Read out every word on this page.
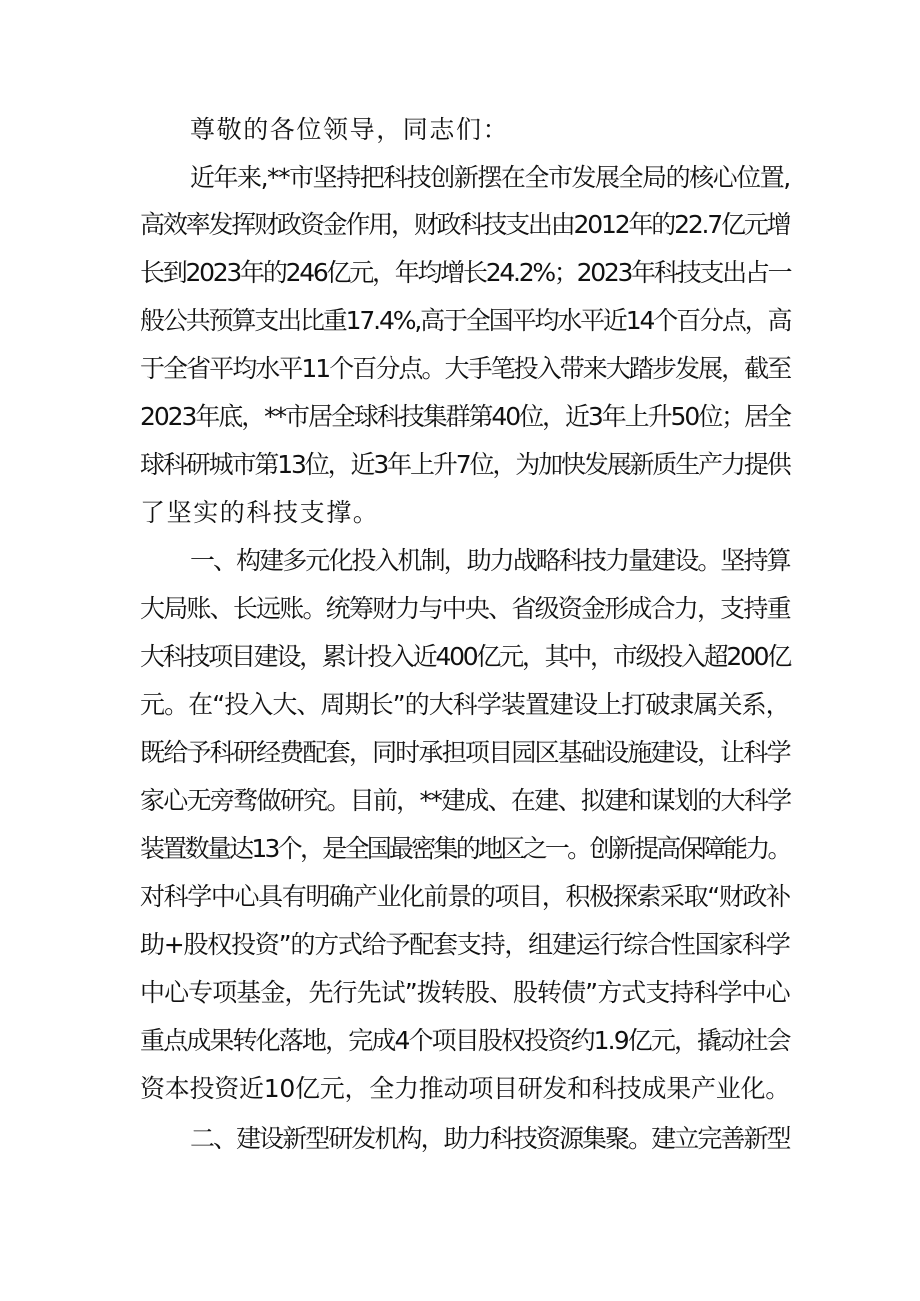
尊敬的各位领导，同志们：
近年来,**市坚持把科技创新摆在全市发展全局的核心位置,
高效率发挥财政资金作用，财政科技支出由2012年的22.7亿元增
长到2023年的246亿元，年均增长24.2%；2023年科技支出占一
般公共预算支出比重17.4%,高于全国平均水平近14个百分点，高
于全省平均水平11个百分点。大手笔投入带来大踏步发展，截至
2023年底，**市居全球科技集群第40位，近3年上升50位；居全
球科研城市第13位，近3年上升7位，为加快发展新质生产力提供
了坚实的科技支撑。
一、构建多元化投入机制，助力战略科技力量建设。坚持算
大局账、长远账。统筹财力与中央、省级资金形成合力，支持重
大科技项目建设，累计投入近400亿元，其中，市级投入超200亿
元。在“投入大、周期长”的大科学装置建设上打破隶属关系，
既给予科研经费配套，同时承担项目园区基础设施建设，让科学
家心无旁骛做研究。目前，**建成、在建、拟建和谋划的大科学
装置数量达13个，是全国最密集的地区之一。创新提高保障能力。
对科学中心具有明确产业化前景的项目，积极探索采取“财政补
助+股权投资”的方式给予配套支持，组建运行综合性国家科学
中心专项基金，先行先试”拨转股、股转债”方式支持科学中心
重点成果转化落地，完成4个项目股权投资约1.9亿元，撬动社会
资本投资近10亿元，全力推动项目研发和科技成果产业化。
二、建设新型研发机构，助力科技资源集聚。建立完善新型
